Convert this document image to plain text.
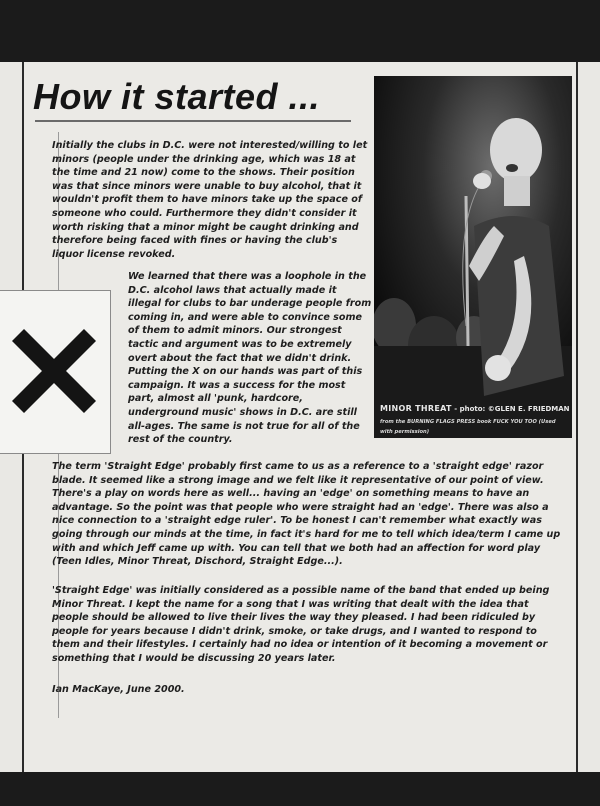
How it started ...

Initially the clubs in D.C. were not interested/willing to let minors (people under the drinking age, which was 18 at the time and 21 now) come to the shows. Their position was that since minors were unable to buy alcohol, that it wouldn't profit them to have minors take up the space of someone who could. Furthermore they didn't consider it worth risking that a minor might be caught drinking and therefore being faced with fines or having the club's liquor license revoked.

We learned that there was a loophole in the D.C. alcohol laws that actually made it illegal for clubs to bar underage people from coming in, and were able to convince some of them to admit minors. Our strongest tactic and argument was to be extremely overt about the fact that we didn't drink. Putting the X on our hands was part of this campaign. It was a success for the most part, almost all 'punk, hardcore, underground music' shows in D.C. are still all-ages. The same is not true for all of the rest of the country.

The term 'Straight Edge' probably first came to us as a reference to a 'straight edge' razor blade. It seemed like a strong image and we felt like it representative of our point of view. There's a play on words here as well... having an 'edge' on something means to have an advantage. So the point was that people who were straight had an 'edge'. There was also a nice connection to a 'straight edge ruler'. To be honest I can't remember what exactly was going through our minds at the time, in fact it's hard for me to tell which idea/term I came up with and which Jeff came up with. You can tell that we both had an affection for word play (Teen Idles, Minor Threat, Dischord, Straight Edge...).

'Straight Edge' was initially considered as a possible name of the band that ended up being Minor Threat. I kept the name for a song that I was writing that dealt with the idea that people should be allowed to live their lives the way they pleased. I had been ridiculed by people for years because I didn't drink, smoke, or take drugs, and I wanted to respond to them and their lifestyles. I certainly had no idea or intention of it becoming a movement or something that I would be discussing 20 years later.

Ian MacKaye, June 2000.

MINOR THREAT - photo: ©GLEN E. FRIEDMAN
from the BURNING FLAGS PRESS book FUCK YOU TOO (Used with permission)
